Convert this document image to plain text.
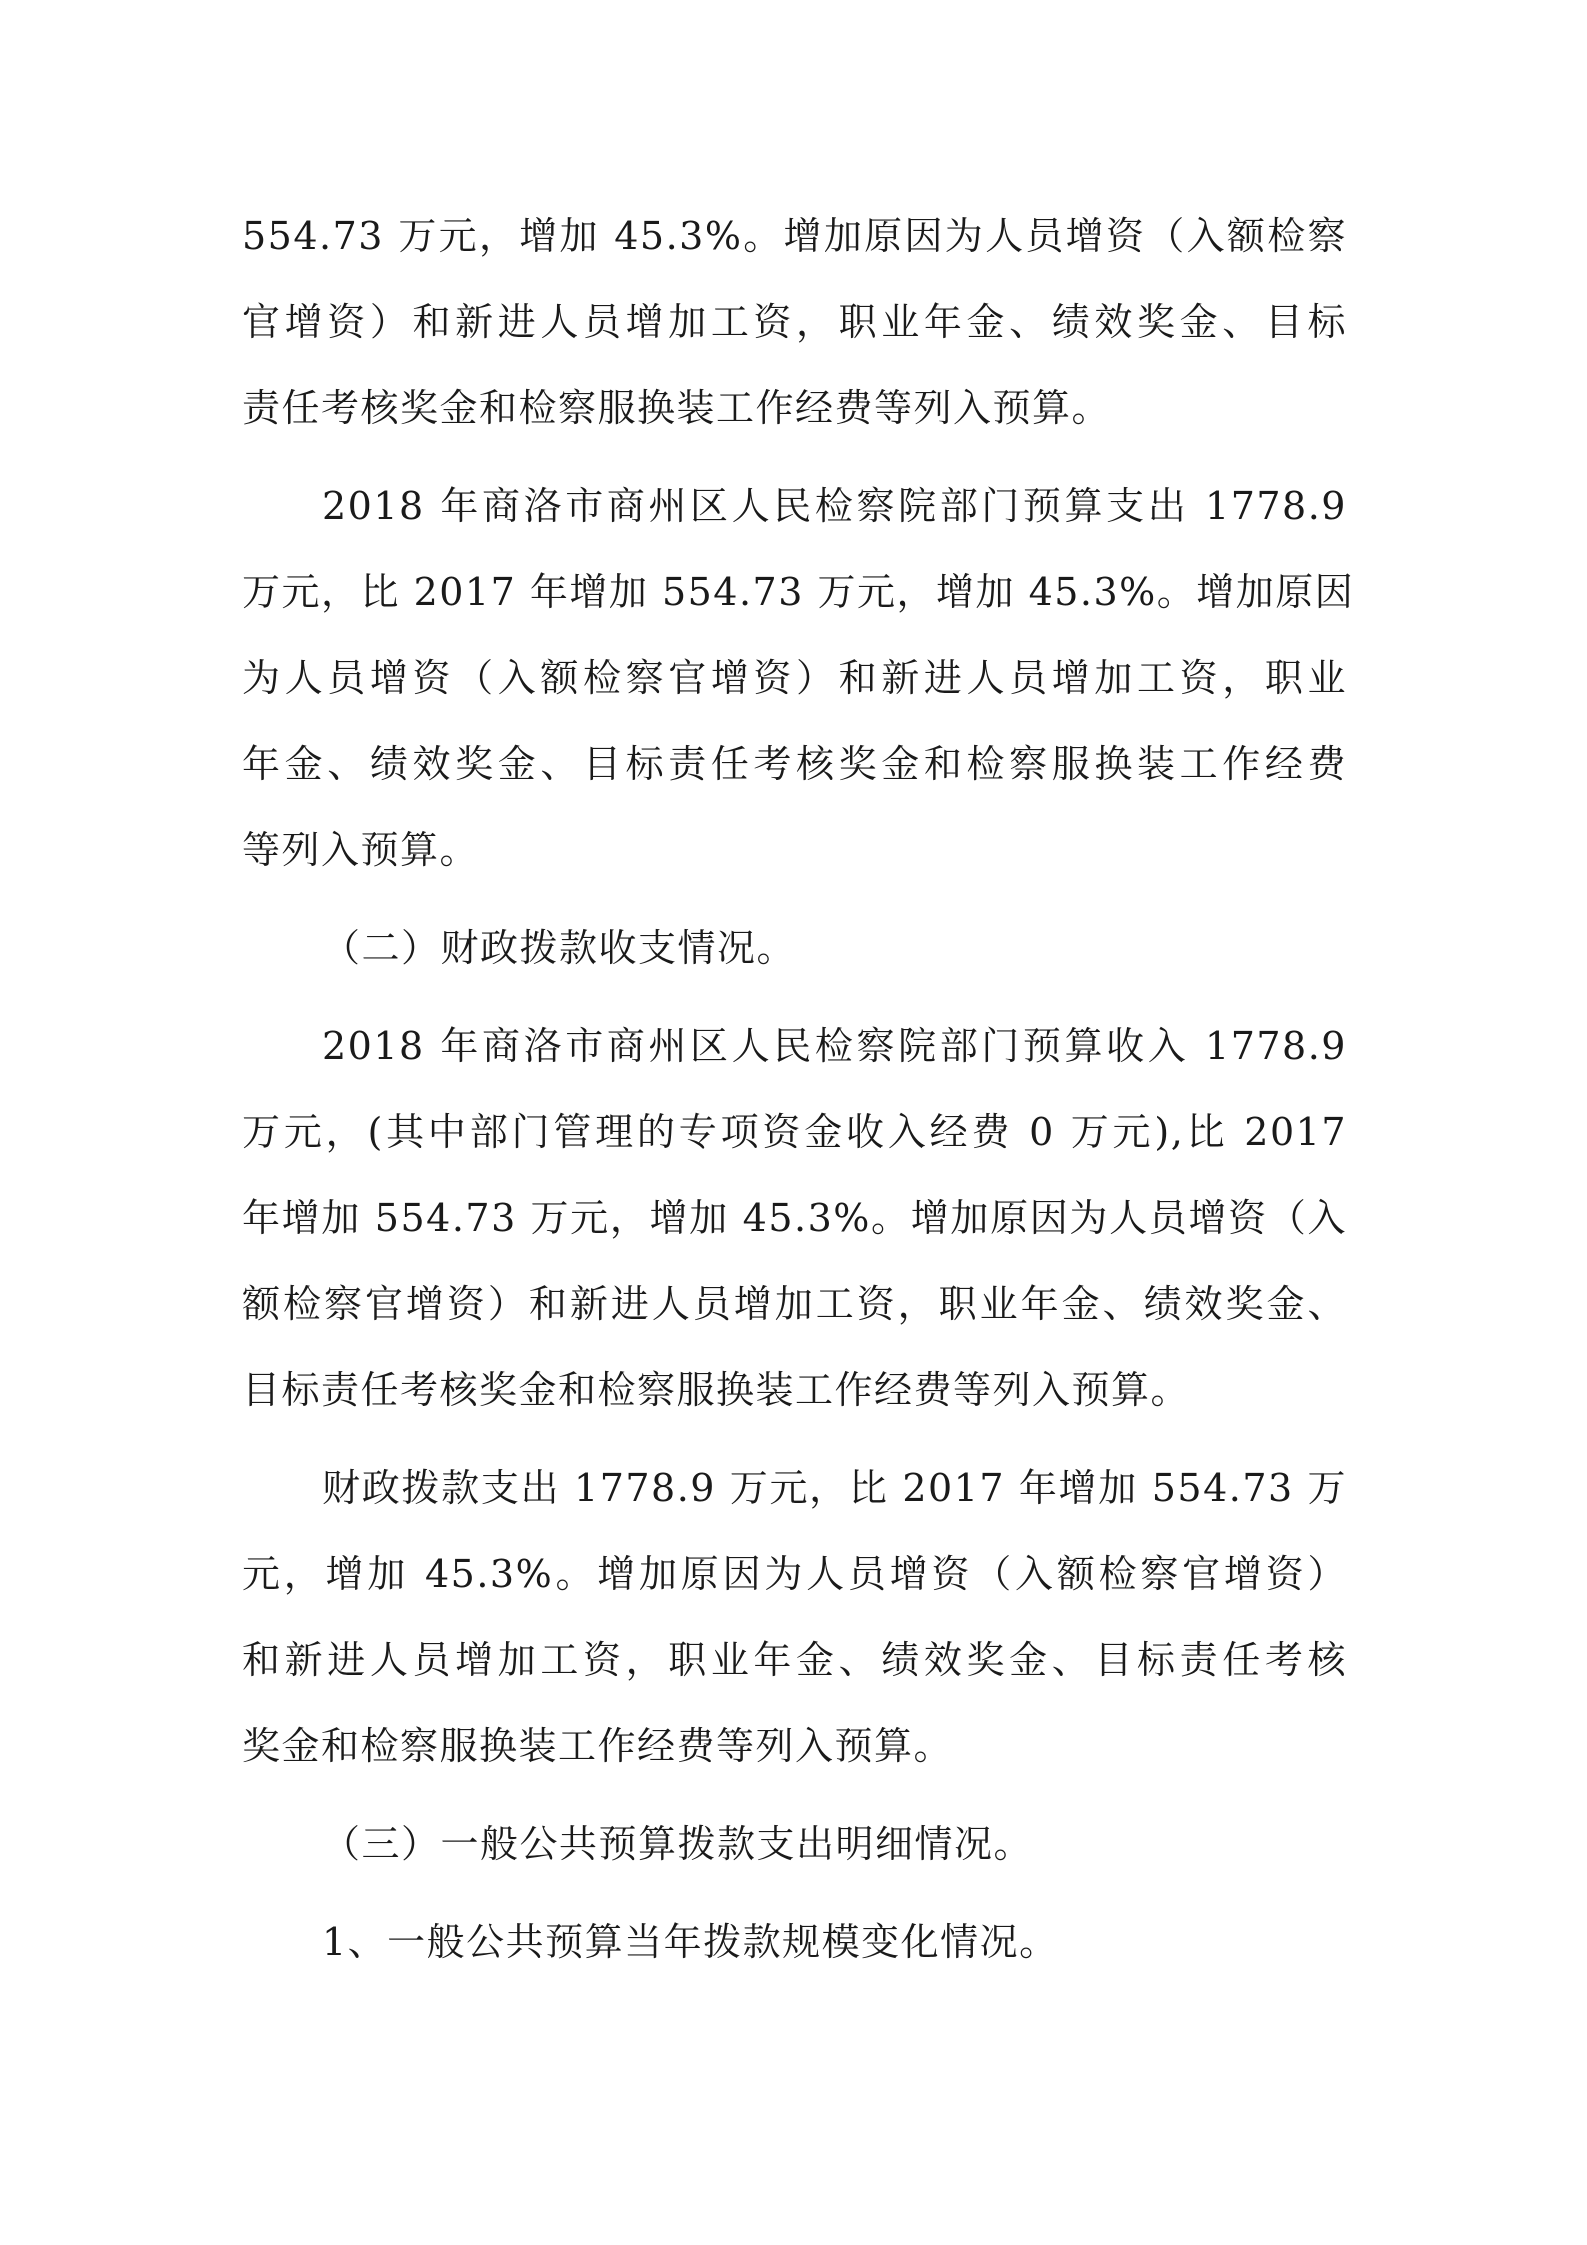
554.73 万元，增加 45.3%。增加原因为人员增资（入额检察
官增资）和新进人员增加工资，职业年金、绩效奖金、目标
责任考核奖金和检察服换装工作经费等列入预算。
2018 年商洛市商州区人民检察院部门预算支出 1778.9
万元，比 2017 年增加 554.73 万元，增加 45.3%。增加原因
为人员增资（入额检察官增资）和新进人员增加工资，职业
年金、绩效奖金、目标责任考核奖金和检察服换装工作经费
等列入预算。
（二）财政拨款收支情况。
2018 年商洛市商州区人民检察院部门预算收入 1778.9
万元，(其中部门管理的专项资金收入经费 0 万元),比 2017
年增加 554.73 万元，增加 45.3%。增加原因为人员增资（入
额检察官增资）和新进人员增加工资，职业年金、绩效奖金、
目标责任考核奖金和检察服换装工作经费等列入预算。
财政拨款支出 1778.9 万元，比 2017 年增加 554.73 万
元，增加 45.3%。增加原因为人员增资（入额检察官增资）
和新进人员增加工资，职业年金、绩效奖金、目标责任考核
奖金和检察服换装工作经费等列入预算。
（三）一般公共预算拨款支出明细情况。
1、一般公共预算当年拨款规模变化情况。
